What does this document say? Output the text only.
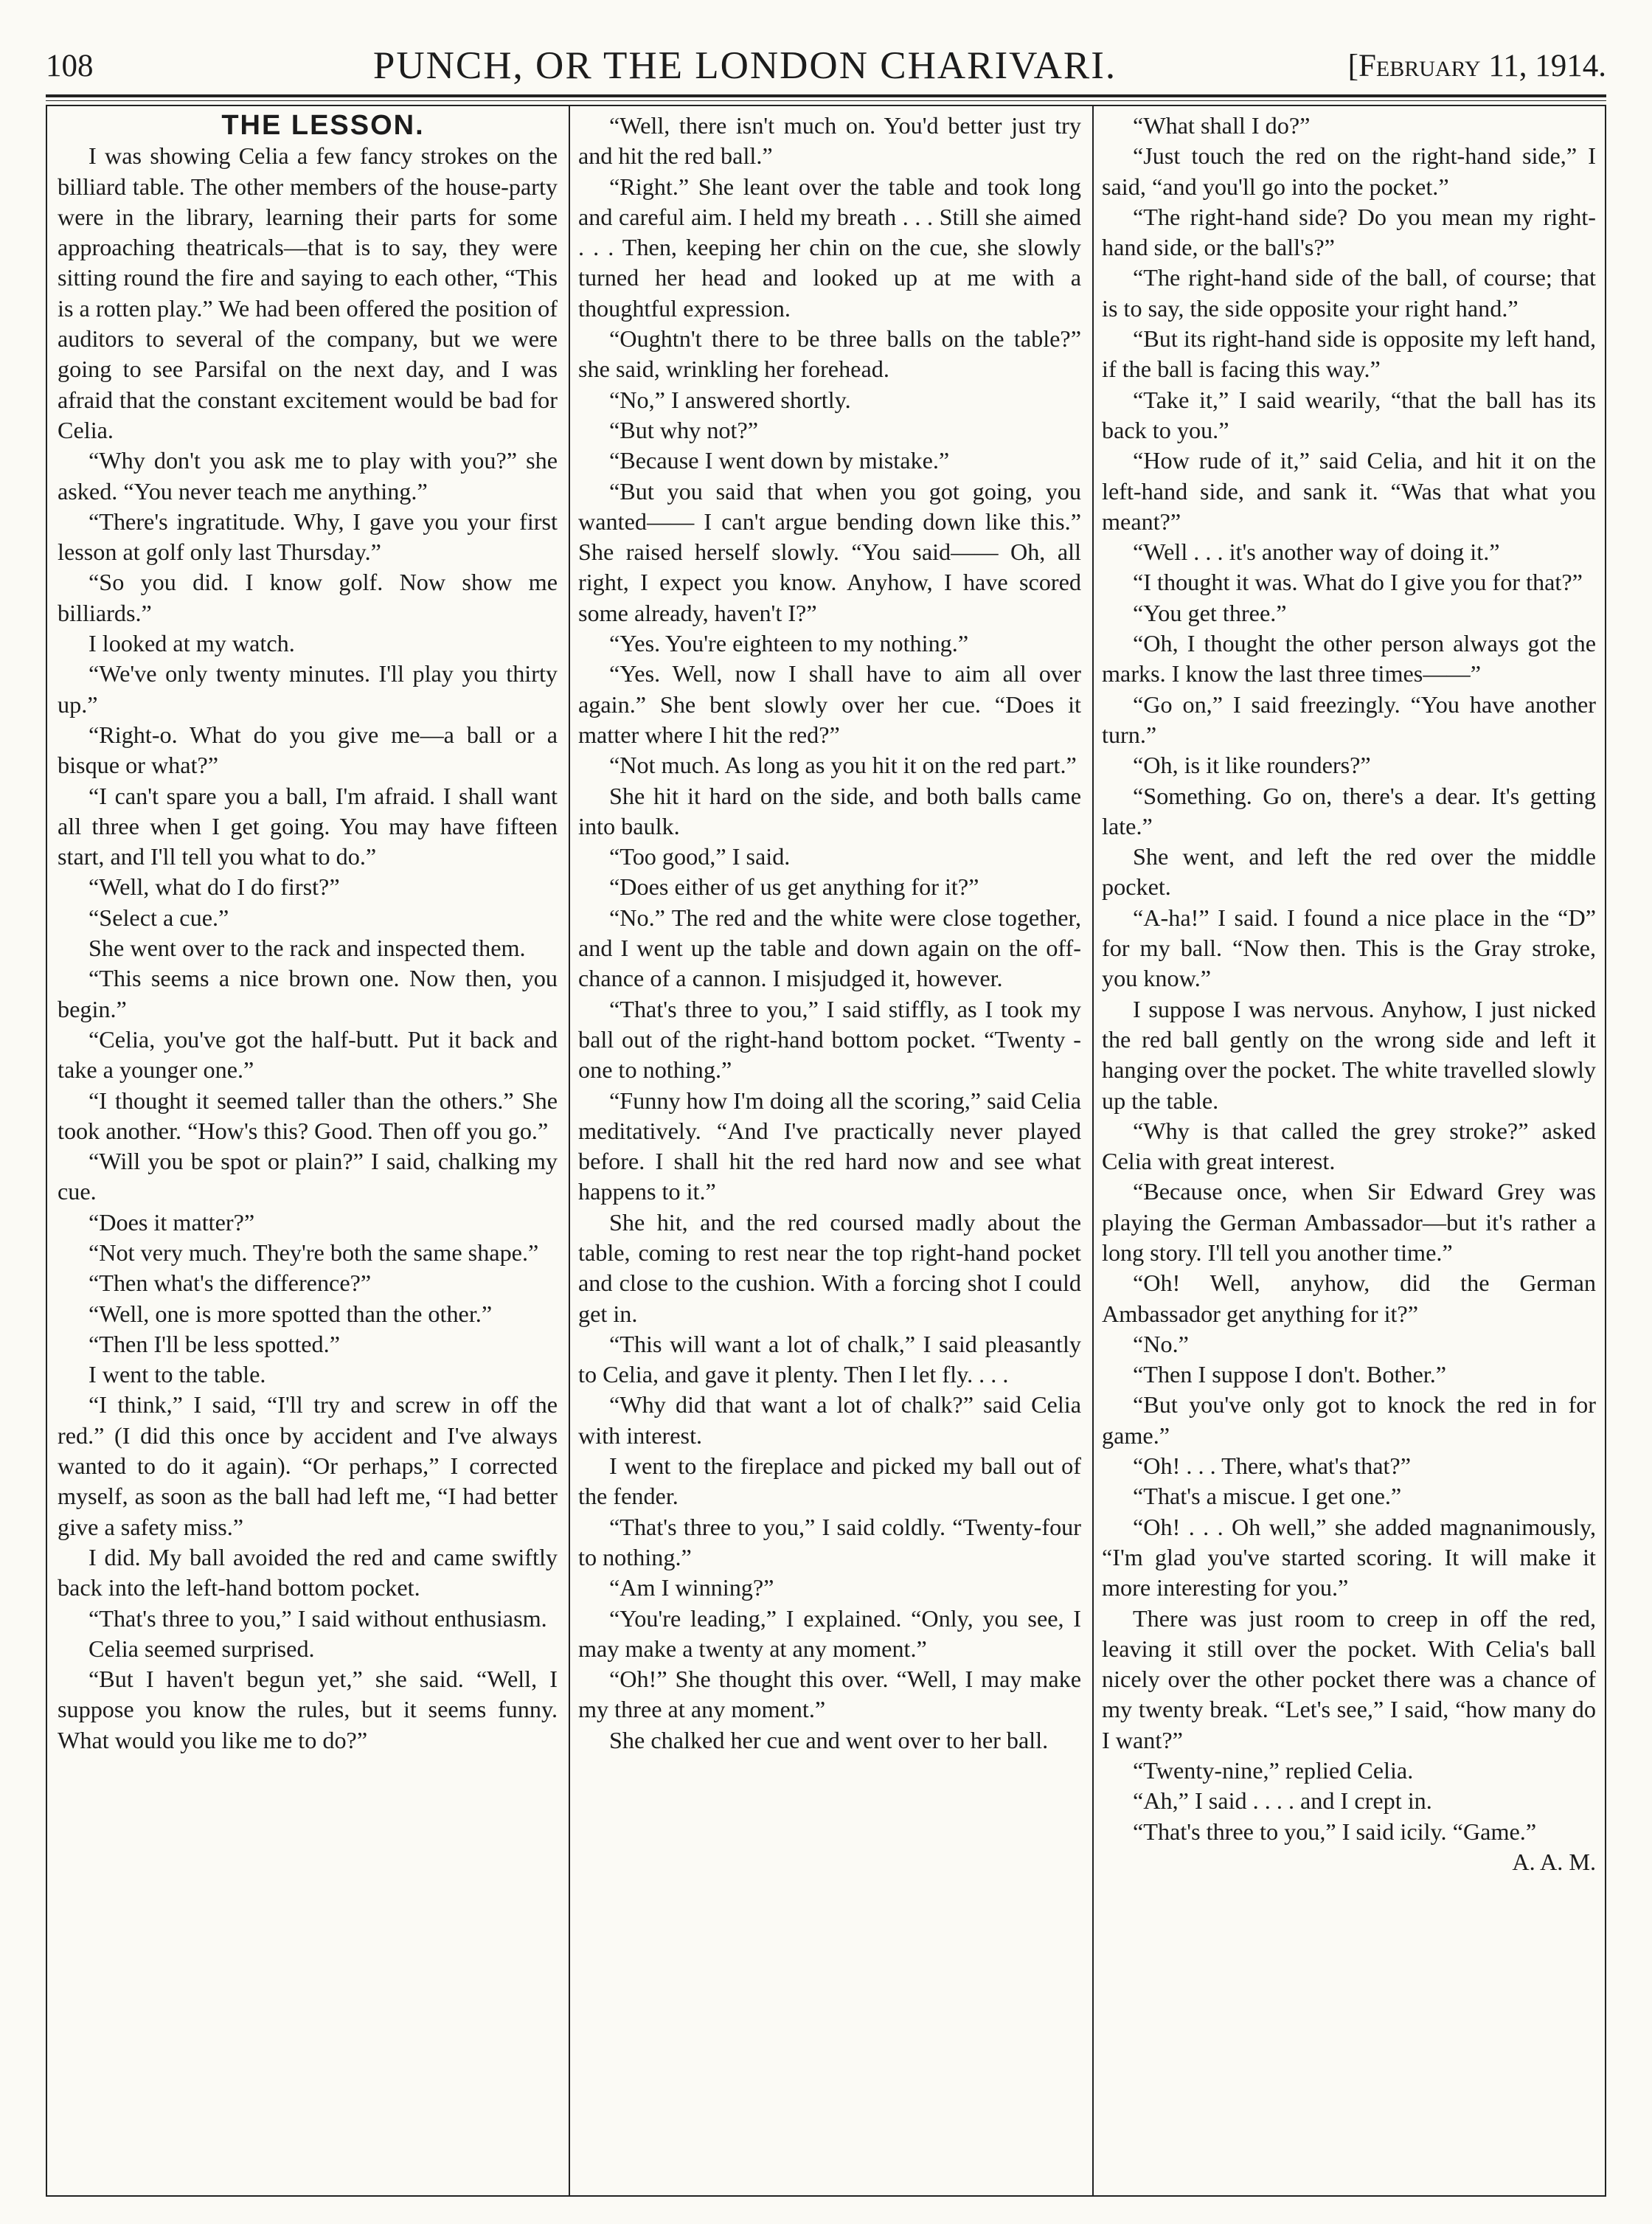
108	PUNCH, OR THE LONDON CHARIVARI.	[February 11, 1914.

THE LESSON.

I was showing Celia a few fancy strokes on the billiard table. The other members of the house-party were in the library, learning their parts for some approaching theatricals—that is to say, they were sitting round the fire and saying to each other, “This is a rotten play.” We had been offered the position of auditors to several of the company, but we were going to see Parsifal on the next day, and I was afraid that the constant excitement would be bad for Celia.

“Why don't you ask me to play with you?” she asked. “You never teach me anything.”

“There's ingratitude. Why, I gave you your first lesson at golf only last Thursday.”

“So you did. I know golf. Now show me billiards.”

I looked at my watch.

“We've only twenty minutes. I'll play you thirty up.”

“Right-o. What do you give me—a ball or a bisque or what?”

“I can't spare you a ball, I'm afraid. I shall want all three when I get going. You may have fifteen start, and I'll tell you what to do.”

“Well, what do I do first?”

“Select a cue.”

She went over to the rack and inspected them.

“This seems a nice brown one. Now then, you begin.”

“Celia, you've got the half-butt. Put it back and take a younger one.”

“I thought it seemed taller than the others.” She took another. “How's this? Good. Then off you go.”

“Will you be spot or plain?” I said, chalking my cue.

“Does it matter?”

“Not very much. They're both the same shape.”

“Then what's the difference?”

“Well, one is more spotted than the other.”

“Then I'll be less spotted.”

I went to the table.

“I think,” I said, “I'll try and screw in off the red.” (I did this once by accident and I've always wanted to do it again). “Or perhaps,” I corrected myself, as soon as the ball had left me, “I had better give a safety miss.”

I did. My ball avoided the red and came swiftly back into the left-hand bottom pocket.

“That's three to you,” I said without enthusiasm.

Celia seemed surprised.

“But I haven't begun yet,” she said. “Well, I suppose you know the rules, but it seems funny. What would you like me to do?”

“Well, there isn't much on. You'd better just try and hit the red ball.”

“Right.” She leant over the table and took long and careful aim. I held my breath . . . Still she aimed . . . Then, keeping her chin on the cue, she slowly turned her head and looked up at me with a thoughtful expression.

“Oughtn't there to be three balls on the table?” she said, wrinkling her forehead.

“No,” I answered shortly.

“But why not?”

“Because I went down by mistake.”

“But you said that when you got going, you wanted—— I can't argue bending down like this.” She raised herself slowly. “You said—— Oh, all right, I expect you know. Anyhow, I have scored some already, haven't I?”

“Yes. You're eighteen to my nothing.”

“Yes. Well, now I shall have to aim all over again.” She bent slowly over her cue. “Does it matter where I hit the red?”

“Not much. As long as you hit it on the red part.”

She hit it hard on the side, and both balls came into baulk.

“Too good,” I said.

“Does either of us get anything for it?”

“No.” The red and the white were close together, and I went up the table and down again on the off-chance of a cannon. I misjudged it, however.

“That's three to you,” I said stiffly, as I took my ball out of the right-hand bottom pocket. “Twenty - one to nothing.”

“Funny how I'm doing all the scoring,” said Celia meditatively. “And I've practically never played before. I shall hit the red hard now and see what happens to it.”

She hit, and the red coursed madly about the table, coming to rest near the top right-hand pocket and close to the cushion. With a forcing shot I could get in.

“This will want a lot of chalk,” I said pleasantly to Celia, and gave it plenty. Then I let fly. . . .

“Why did that want a lot of chalk?” said Celia with interest.

I went to the fireplace and picked my ball out of the fender.

“That's three to you,” I said coldly. “Twenty-four to nothing.”

“Am I winning?”

“You're leading,” I explained. “Only, you see, I may make a twenty at any moment.”

“Oh!” She thought this over. “Well, I may make my three at any moment.”

She chalked her cue and went over to her ball.

“What shall I do?”

“Just touch the red on the right-hand side,” I said, “and you'll go into the pocket.”

“The right-hand side? Do you mean my right-hand side, or the ball's?”

“The right-hand side of the ball, of course; that is to say, the side opposite your right hand.”

“But its right-hand side is opposite my left hand, if the ball is facing this way.”

“Take it,” I said wearily, “that the ball has its back to you.”

“How rude of it,” said Celia, and hit it on the left-hand side, and sank it. “Was that what you meant?”

“Well . . . it's another way of doing it.”

“I thought it was. What do I give you for that?”

“You get three.”

“Oh, I thought the other person always got the marks. I know the last three times——”

“Go on,” I said freezingly. “You have another turn.”

“Oh, is it like rounders?”

“Something. Go on, there's a dear. It's getting late.”

She went, and left the red over the middle pocket.

“A-ha!” I said. I found a nice place in the “D” for my ball. “Now then. This is the Gray stroke, you know.”

I suppose I was nervous. Anyhow, I just nicked the red ball gently on the wrong side and left it hanging over the pocket. The white travelled slowly up the table.

“Why is that called the grey stroke?” asked Celia with great interest.

“Because once, when Sir Edward Grey was playing the German Ambassador—but it's rather a long story. I'll tell you another time.”

“Oh! Well, anyhow, did the German Ambassador get anything for it?”

“No.”

“Then I suppose I don't. Bother.”

“But you've only got to knock the red in for game.”

“Oh! . . . There, what's that?”

“That's a miscue. I get one.”

“Oh! . . . Oh well,” she added magnanimously, “I'm glad you've started scoring. It will make it more interesting for you.”

There was just room to creep in off the red, leaving it still over the pocket. With Celia's ball nicely over the other pocket there was a chance of my twenty break. “Let's see,” I said, “how many do I want?”

“Twenty-nine,” replied Celia.

“Ah,” I said . . . . and I crept in.

“That's three to you,” I said icily. “Game.”

A. A. M.
